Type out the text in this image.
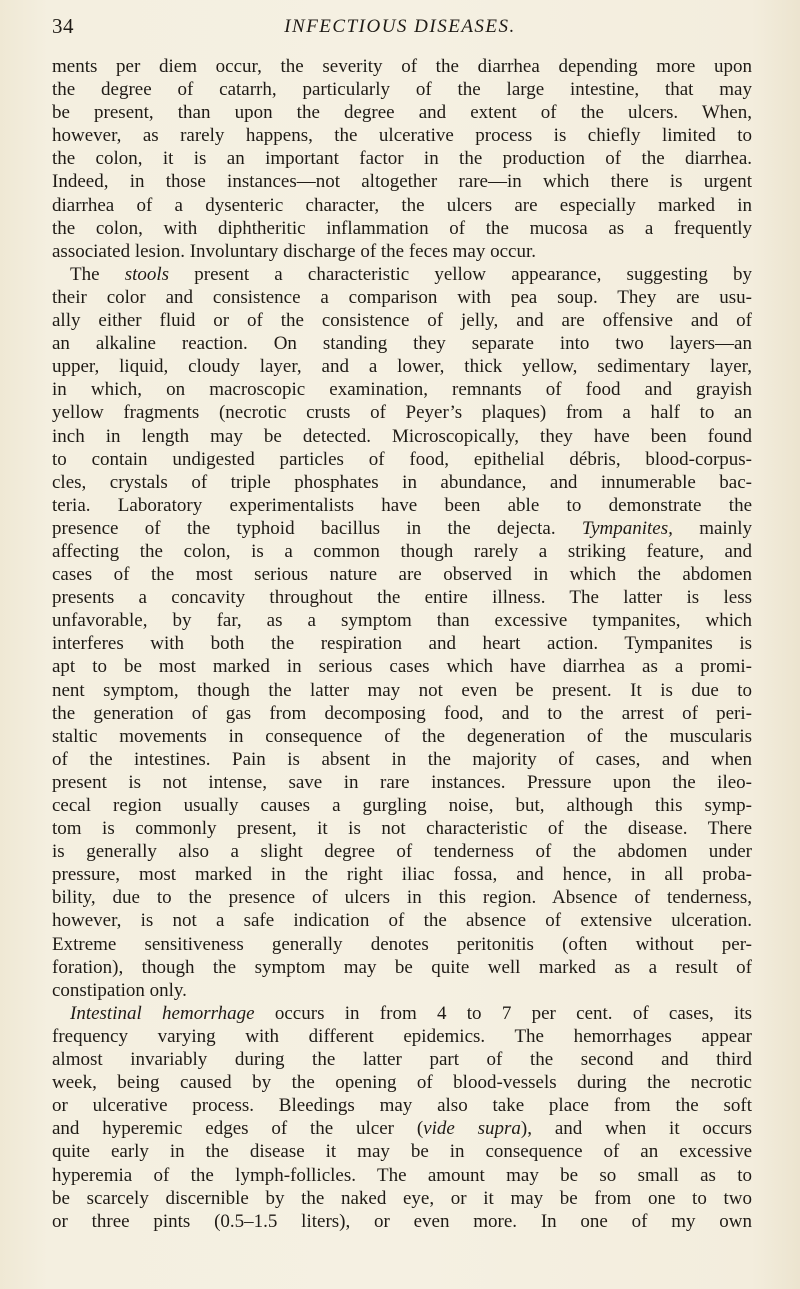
34	INFECTIOUS DISEASES.
ments per diem occur, the severity of the diarrhea depending more upon
the degree of catarrh, particularly of the large intestine, that may
be present, than upon the degree and extent of the ulcers. When,
however, as rarely happens, the ulcerative process is chiefly limited to
the colon, it is an important factor in the production of the diarrhea.
Indeed, in those instances—not altogether rare—in which there is urgent
diarrhea of a dysenteric character, the ulcers are especially marked in
the colon, with diphtheritic inflammation of the mucosa as a frequently
associated lesion. Involuntary discharge of the feces may occur.
The stools present a characteristic yellow appearance, suggesting by
their color and consistence a comparison with pea soup. They are usu-
ally either fluid or of the consistence of jelly, and are offensive and of
an alkaline reaction. On standing they separate into two layers—an
upper, liquid, cloudy layer, and a lower, thick yellow, sedimentary layer,
in which, on macroscopic examination, remnants of food and grayish
yellow fragments (necrotic crusts of Peyer’s plaques) from a half to an
inch in length may be detected. Microscopically, they have been found
to contain undigested particles of food, epithelial débris, blood-corpus-
cles, crystals of triple phosphates in abundance, and innumerable bac-
teria. Laboratory experimentalists have been able to demonstrate the
presence of the typhoid bacillus in the dejecta. Tympanites, mainly
affecting the colon, is a common though rarely a striking feature, and
cases of the most serious nature are observed in which the abdomen
presents a concavity throughout the entire illness. The latter is less
unfavorable, by far, as a symptom than excessive tympanites, which
interferes with both the respiration and heart action. Tympanites is
apt to be most marked in serious cases which have diarrhea as a promi-
nent symptom, though the latter may not even be present. It is due to
the generation of gas from decomposing food, and to the arrest of peri-
staltic movements in consequence of the degeneration of the muscularis
of the intestines. Pain is absent in the majority of cases, and when
present is not intense, save in rare instances. Pressure upon the ileo-
cecal region usually causes a gurgling noise, but, although this symp-
tom is commonly present, it is not characteristic of the disease. There
is generally also a slight degree of tenderness of the abdomen under
pressure, most marked in the right iliac fossa, and hence, in all proba-
bility, due to the presence of ulcers in this region. Absence of tenderness,
however, is not a safe indication of the absence of extensive ulceration.
Extreme sensitiveness generally denotes peritonitis (often without per-
foration), though the symptom may be quite well marked as a result of
constipation only.
Intestinal hemorrhage occurs in from 4 to 7 per cent. of cases, its
frequency varying with different epidemics. The hemorrhages appear
almost invariably during the latter part of the second and third
week, being caused by the opening of blood-vessels during the necrotic
or ulcerative process. Bleedings may also take place from the soft
and hyperemic edges of the ulcer (vide supra), and when it occurs
quite early in the disease it may be in consequence of an excessive
hyperemia of the lymph-follicles. The amount may be so small as to
be scarcely discernible by the naked eye, or it may be from one to two
or three pints (0.5–1.5 liters), or even more. In one of my own
